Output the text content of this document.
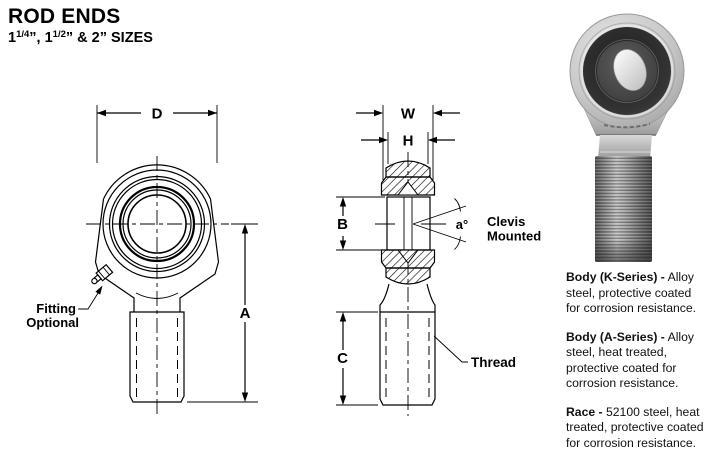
ROD ENDS
$1^{1/4}$”, $1^{1/2}$” & 2” SIZES
D
Fitting
Optional
A
W
H
B	a° Clevis
Mounted
C	Thread

Body (K-Series) - Alloy steel, protective coated for corrosion resistance.

Body (A-Series) - Alloy steel, heat treated, protective coated for corrosion resistance.

Race - 52100 steel, heat treated, protective coated for corrosion resistance.
